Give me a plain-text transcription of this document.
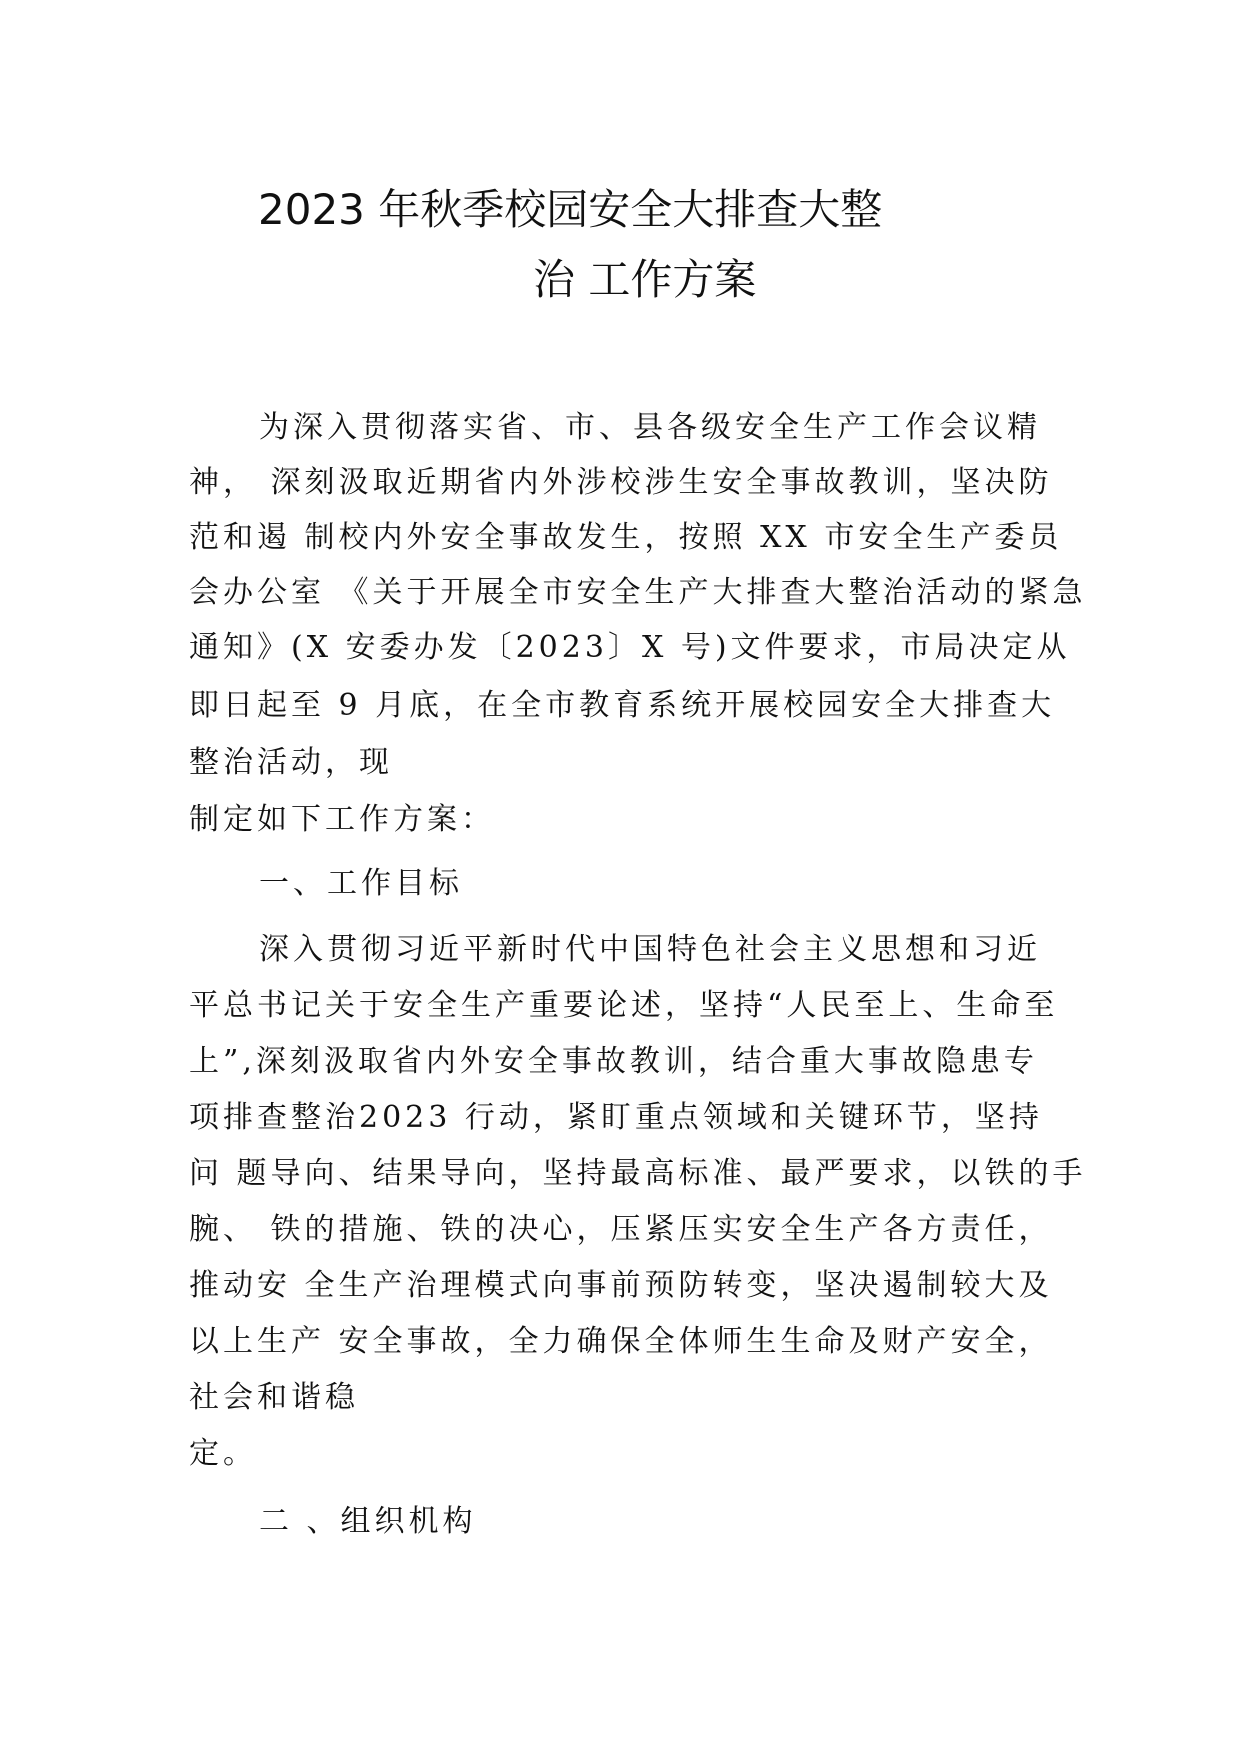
2023 年秋季校园安全大排查大整
治 工作方案
为深入贯彻落实省、市、县各级安全生产工作会议精
神， 深刻汲取近期省内外涉校涉生安全事故教训，坚决防
范和遏 制校内外安全事故发生，按照 XX 市安全生产委员
会办公室 《关于开展全市安全生产大排查大整治活动的紧急
通知》(X 安委办发〔2023〕X 号)文件要求，市局决定从
即日起至 9 月底，在全市教育系统开展校园安全大排查大
整治活动，现
制定如下工作方案：
一、工作目标
深入贯彻习近平新时代中国特色社会主义思想和习近
平总书记关于安全生产重要论述，坚持“人民至上、生命至
上”,深刻汲取省内外安全事故教训，结合重大事故隐患专
项排查整治2023 行动，紧盯重点领域和关键环节，坚持
问 题导向、结果导向，坚持最高标准、最严要求，以铁的手
腕、 铁的措施、铁的决心，压紧压实安全生产各方责任，
推动安 全生产治理模式向事前预防转变，坚决遏制较大及
以上生产 安全事故，全力确保全体师生生命及财产安全，
社会和谐稳
定。
二 、组织机构
